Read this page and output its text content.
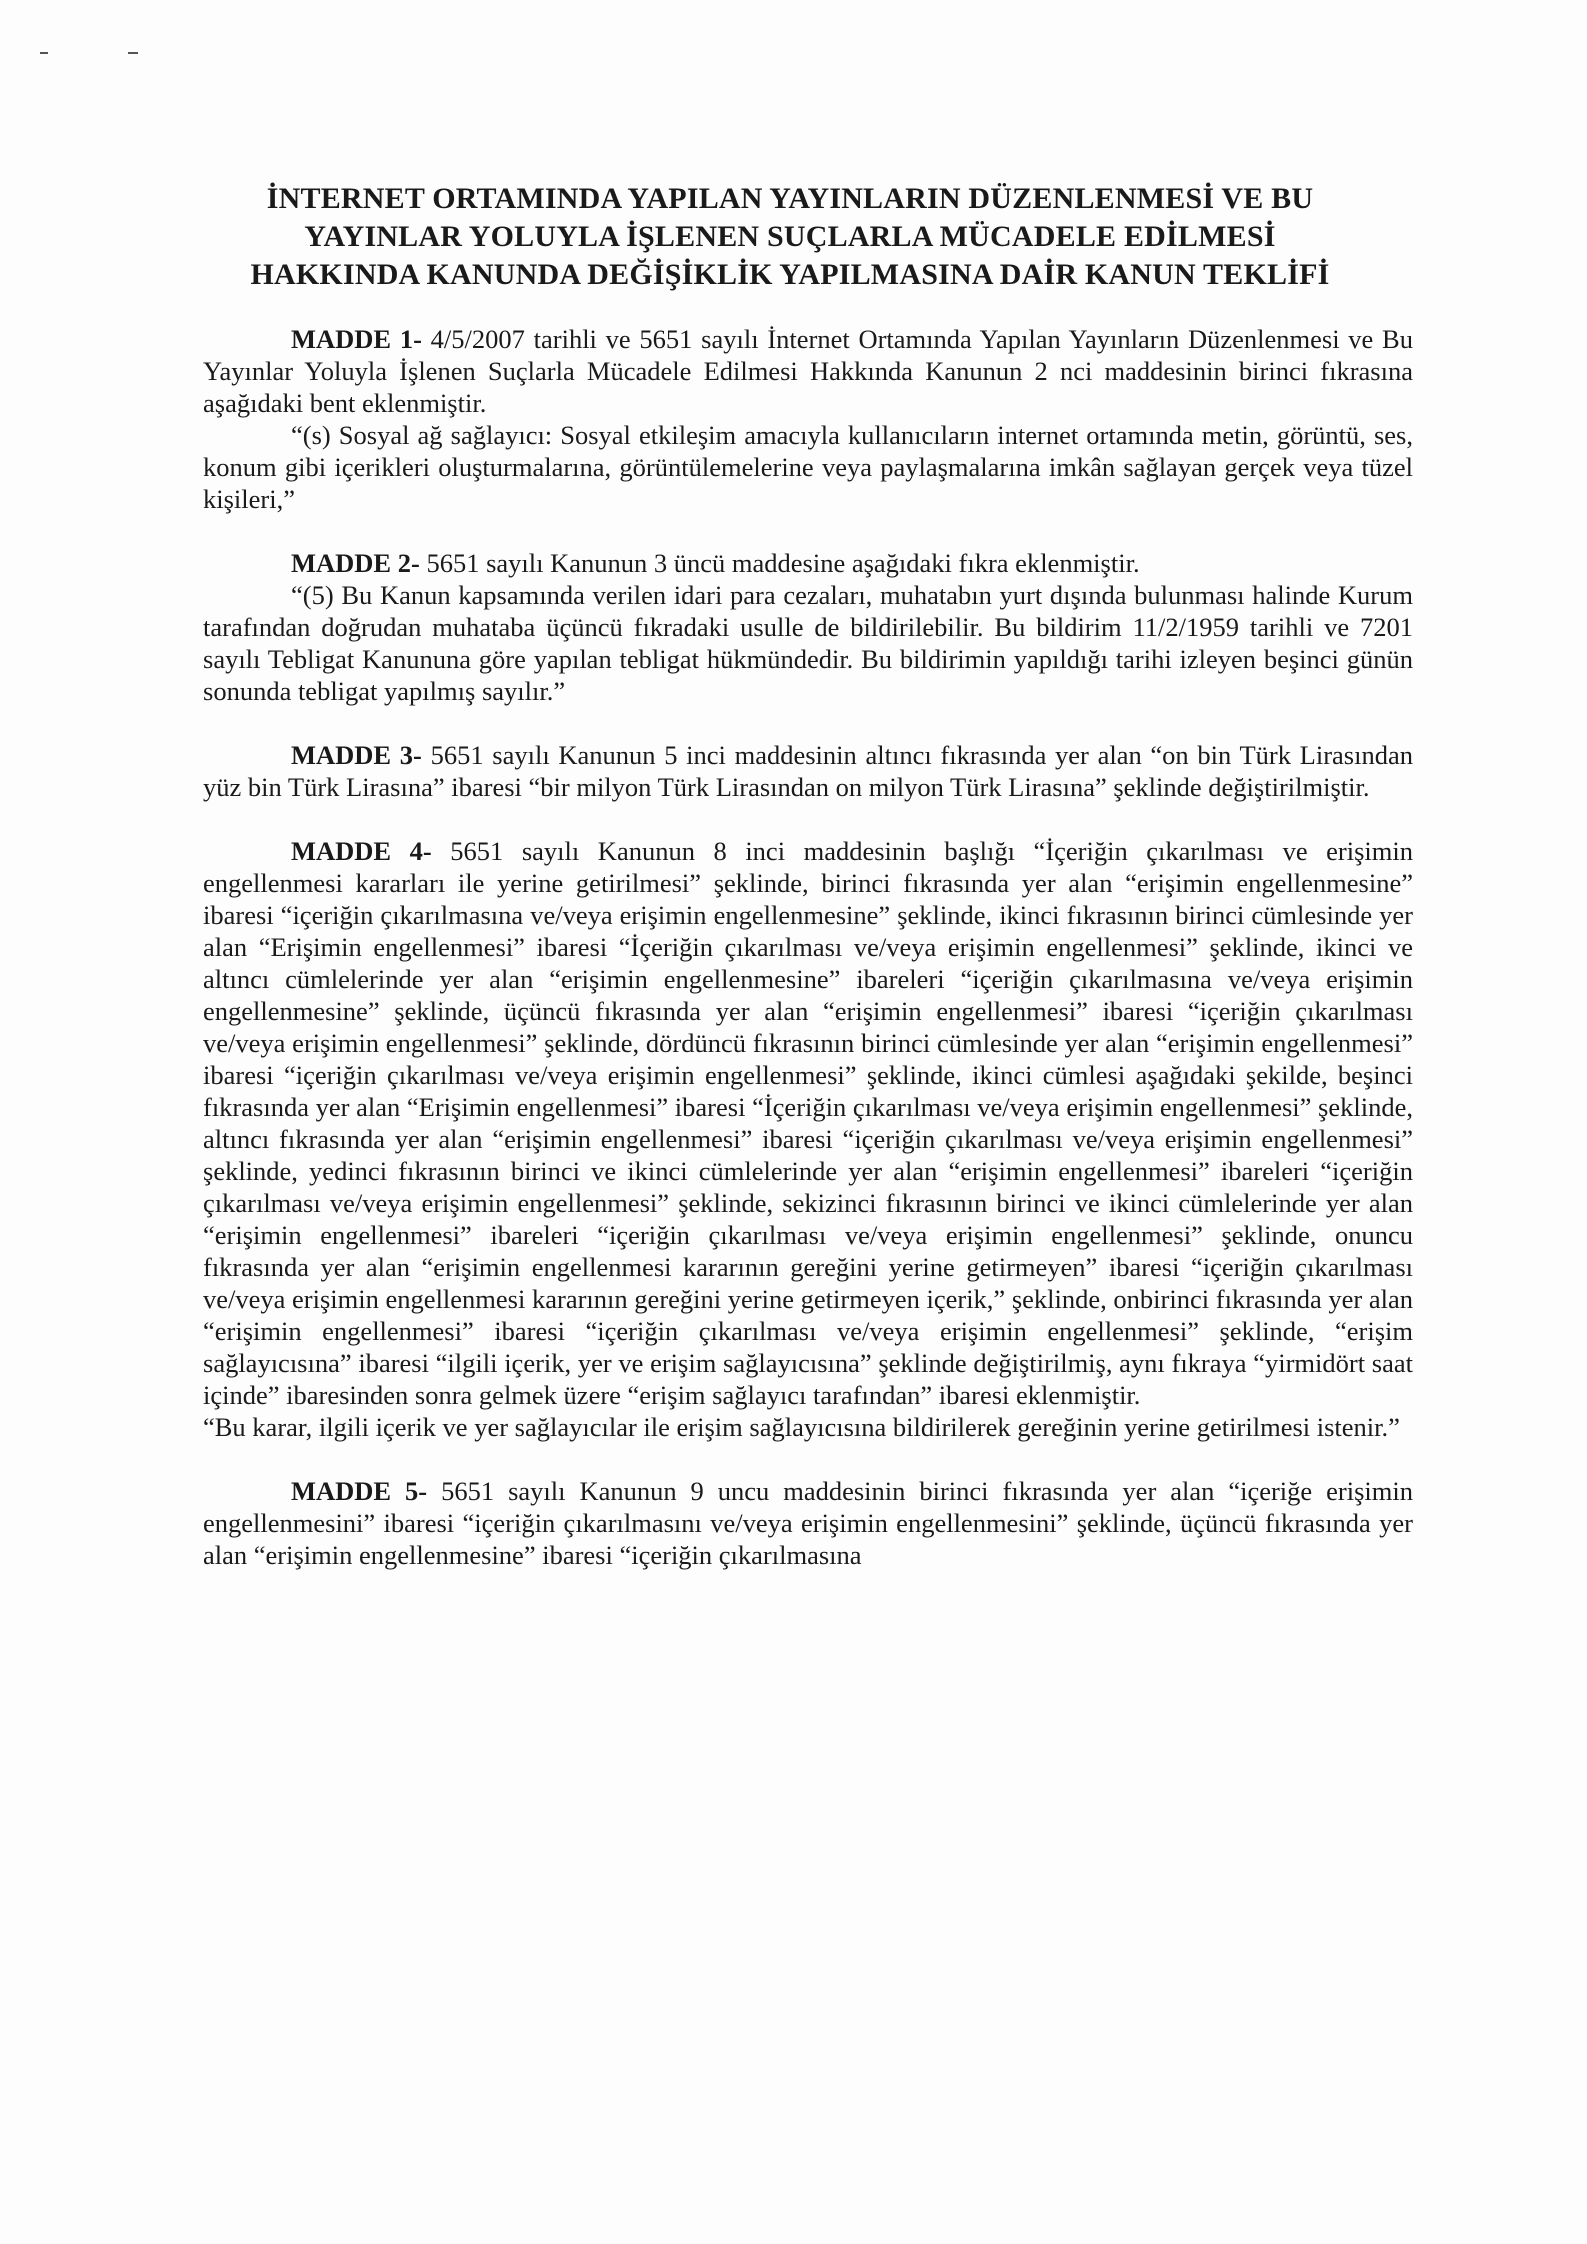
İNTERNET ORTAMINDA YAPILAN YAYINLARIN DÜZENLENMESİ VE BU
YAYINLAR YOLUYLA İŞLENEN SUÇLARLA MÜCADELE EDİLMESİ
HAKKINDA KANUNDA DEĞİŞİKLİK YAPILMASINA DAİR KANUN TEKLİFİ

MADDE 1- 4/5/2007 tarihli ve 5651 sayılı İnternet Ortamında Yapılan Yayınların Düzenlenmesi ve Bu Yayınlar Yoluyla İşlenen Suçlarla Mücadele Edilmesi Hakkında Kanunun 2 nci maddesinin birinci fıkrasına aşağıdaki bent eklenmiştir.

“(s) Sosyal ağ sağlayıcı: Sosyal etkileşim amacıyla kullanıcıların internet ortamında metin, görüntü, ses, konum gibi içerikleri oluşturmalarına, görüntülemelerine veya paylaşmalarına imkân sağlayan gerçek veya tüzel kişileri,”

MADDE 2- 5651 sayılı Kanunun 3 üncü maddesine aşağıdaki fıkra eklenmiştir.

“(5) Bu Kanun kapsamında verilen idari para cezaları, muhatabın yurt dışında bulunması halinde Kurum tarafından doğrudan muhataba üçüncü fıkradaki usulle de bildirilebilir. Bu bildirim 11/2/1959 tarihli ve 7201 sayılı Tebligat Kanununa göre yapılan tebligat hükmündedir. Bu bildirimin yapıldığı tarihi izleyen beşinci günün sonunda tebligat yapılmış sayılır.”

MADDE 3- 5651 sayılı Kanunun 5 inci maddesinin altıncı fıkrasında yer alan “on bin Türk Lirasından yüz bin Türk Lirasına” ibaresi “bir milyon Türk Lirasından on milyon Türk Lirasına” şeklinde değiştirilmiştir.

MADDE 4- 5651 sayılı Kanunun 8 inci maddesinin başlığı “İçeriğin çıkarılması ve erişimin engellenmesi kararları ile yerine getirilmesi” şeklinde, birinci fıkrasında yer alan “erişimin engellenmesine” ibaresi “içeriğin çıkarılmasına ve/veya erişimin engellenmesine” şeklinde, ikinci fıkrasının birinci cümlesinde yer alan “Erişimin engellenmesi” ibaresi “İçeriğin çıkarılması ve/veya erişimin engellenmesi” şeklinde, ikinci ve altıncı cümlelerinde yer alan “erişimin engellenmesine” ibareleri “içeriğin çıkarılmasına ve/veya erişimin engellenmesine” şeklinde, üçüncü fıkrasında yer alan “erişimin engellenmesi” ibaresi “içeriğin çıkarılması ve/veya erişimin engellenmesi” şeklinde, dördüncü fıkrasının birinci cümlesinde yer alan “erişimin engellenmesi” ibaresi “içeriğin çıkarılması ve/veya erişimin engellenmesi” şeklinde, ikinci cümlesi aşağıdaki şekilde, beşinci fıkrasında yer alan “Erişimin engellenmesi” ibaresi “İçeriğin çıkarılması ve/veya erişimin engellenmesi” şeklinde, altıncı fıkrasında yer alan “erişimin engellenmesi” ibaresi “içeriğin çıkarılması ve/veya erişimin engellenmesi” şeklinde, yedinci fıkrasının birinci ve ikinci cümlelerinde yer alan “erişimin engellenmesi” ibareleri “içeriğin çıkarılması ve/veya erişimin engellenmesi” şeklinde, sekizinci fıkrasının birinci ve ikinci cümlelerinde yer alan “erişimin engellenmesi” ibareleri “içeriğin çıkarılması ve/veya erişimin engellenmesi” şeklinde, onuncu fıkrasında yer alan “erişimin engellenmesi kararının gereğini yerine getirmeyen” ibaresi “içeriğin çıkarılması ve/veya erişimin engellenmesi kararının gereğini yerine getirmeyen içerik,” şeklinde, onbirinci fıkrasında yer alan “erişimin engellenmesi” ibaresi “içeriğin çıkarılması ve/veya erişimin engellenmesi” şeklinde, “erişim sağlayıcısına” ibaresi “ilgili içerik, yer ve erişim sağlayıcısına” şeklinde değiştirilmiş, aynı fıkraya “yirmidört saat içinde” ibaresinden sonra gelmek üzere “erişim sağlayıcı tarafından” ibaresi eklenmiştir.

“Bu karar, ilgili içerik ve yer sağlayıcılar ile erişim sağlayıcısına bildirilerek gereğinin yerine getirilmesi istenir.”

MADDE 5- 5651 sayılı Kanunun 9 uncu maddesinin birinci fıkrasında yer alan “içeriğe erişimin engellenmesini” ibaresi “içeriğin çıkarılmasını ve/veya erişimin engellenmesini” şeklinde, üçüncü fıkrasında yer alan “erişimin engellenmesine” ibaresi “içeriğin çıkarılmasına
